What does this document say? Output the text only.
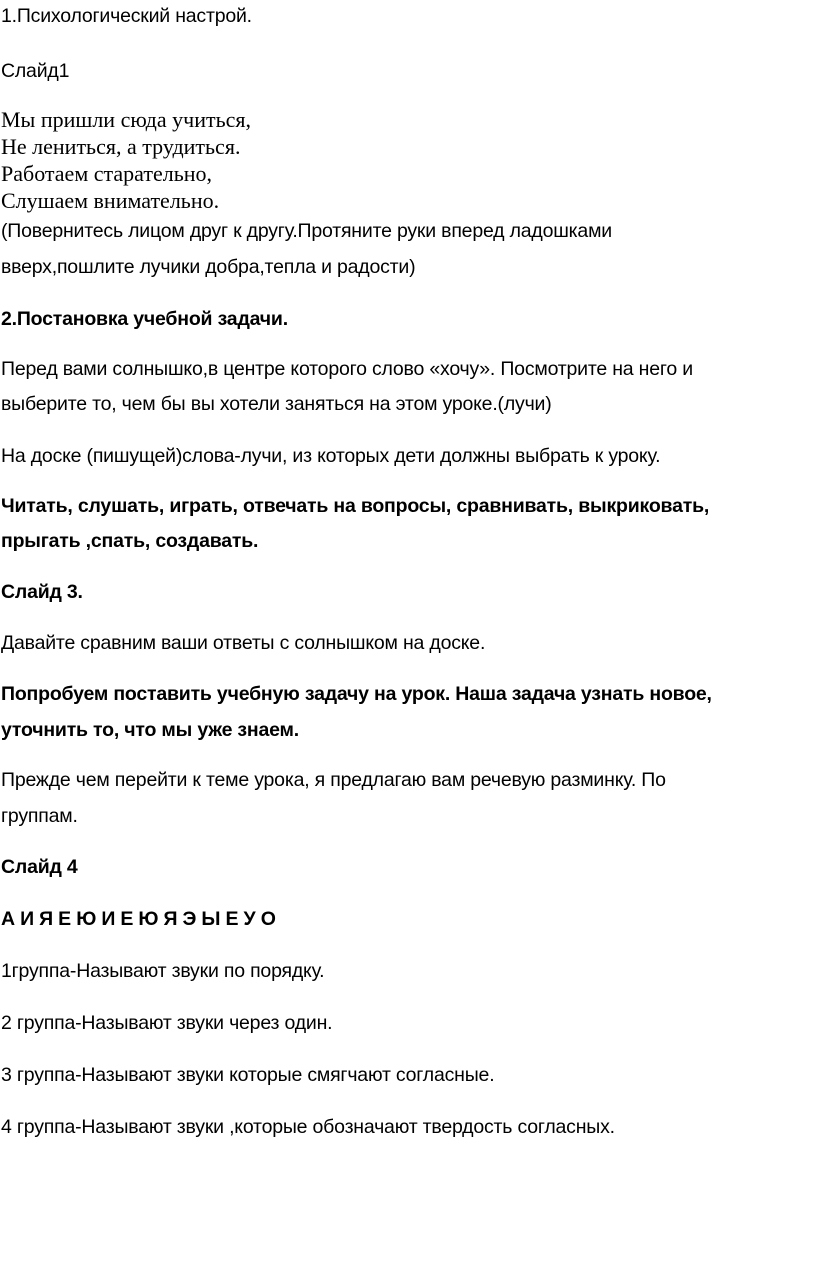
1.Психологический настрой.
Слайд1
Мы пришли сюда учиться,
Не лениться, а трудиться.
Работаем старательно,
Слушаем внимательно.
(Повернитесь лицом друг к другу.Протяните руки вперед ладошками
вверх,пошлите лучики добра,тепла и радости)
2.Постановка учебной задачи.
Перед вами солнышко,в центре которого слово «хочу». Посмотрите на него и
выберите то, чем бы вы хотели заняться на этом уроке.(лучи)
На доске (пишущей)слова-лучи, из которых дети должны выбрать к уроку.
Читать, слушать, играть, отвечать на вопросы, сравнивать, выкриковать,
прыгать ,спать, создавать.
Слайд 3.
Давайте сравним ваши ответы с солнышком на доске.
Попробуем поставить учебную задачу на урок. Наша задача узнать новое,
уточнить то, что мы уже знаем.
Прежде чем перейти к теме урока, я предлагаю вам речевую разминку. По
группам.
Слайд 4
А И Я Е Ю И Е Ю Я Э Ы Е У О
1группа-Называют звуки по порядку.
2 группа-Называют звуки через один.
3 группа-Называют звуки которые смягчают согласные.
4 группа-Называют звуки ,которые обозначают твердость согласных.
